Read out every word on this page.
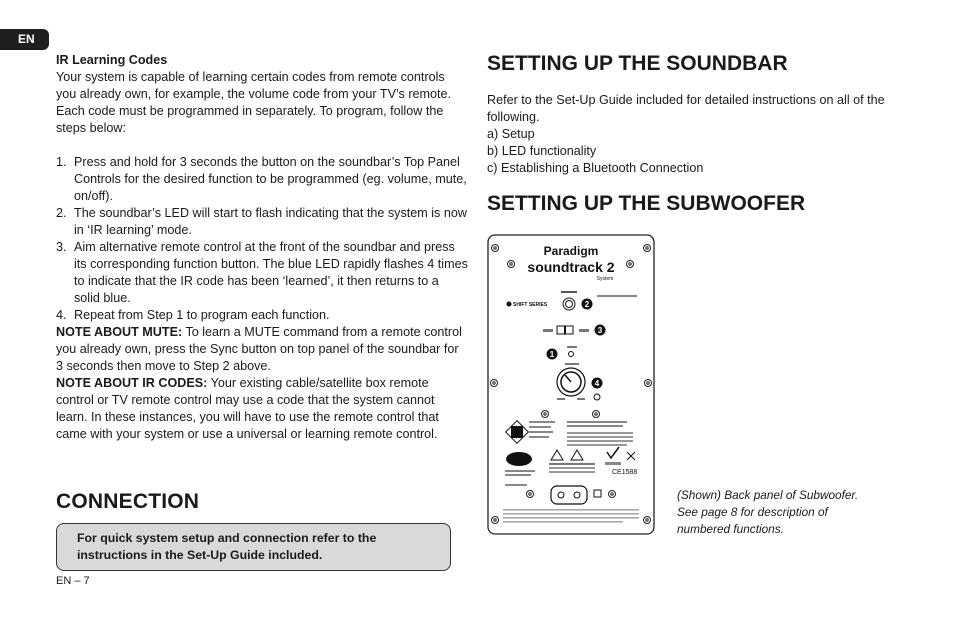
EN

IR Learning Codes

Your system is capable of learning certain codes from remote controls you already own, for example, the volume code from your TV’s remote. Each code must be programmed in separately. To program, follow the steps below:

1. Press and hold for 3 seconds the button on the soundbar’s Top Panel Controls for the desired function to be programmed (eg. volume, mute, on/off).
2. The soundbar’s LED will start to flash indicating that the system is now in ‘IR learning’ mode.
3. Aim alternative remote control at the front of the soundbar and press its corresponding function button. The blue LED rapidly flashes 4 times to indicate that the IR code has been ‘learned’, it then returns to a solid blue.
4. Repeat from Step 1 to program each function.

NOTE ABOUT MUTE: To learn a MUTE command from a remote control you already own, press the Sync button on top panel of the soundbar for 3 seconds then move to Step 2 above.

NOTE ABOUT IR CODES: Your existing cable/satellite box remote control or TV remote control may use a code that the system cannot learn. In these instances, you will have to use the remote control that came with your system or use a universal or learning remote control.

CONNECTION
For quick system setup and connection refer to the instructions in the Set-Up Guide included.
EN – 7
SETTING UP THE SOUNDBAR

Refer to the Set-Up Guide included for detailed instructions on all of the following.

a) Setup

b) LED functionality

c) Establishing a Bluetooth Connection

SETTING UP THE SUBWOOFER
Paradigm
soundtrack 2
System
SHIFT SERIES	2
3
1
4
CE1588
(Shown) Back panel of Subwoofer. See page 8 for description of numbered functions.
